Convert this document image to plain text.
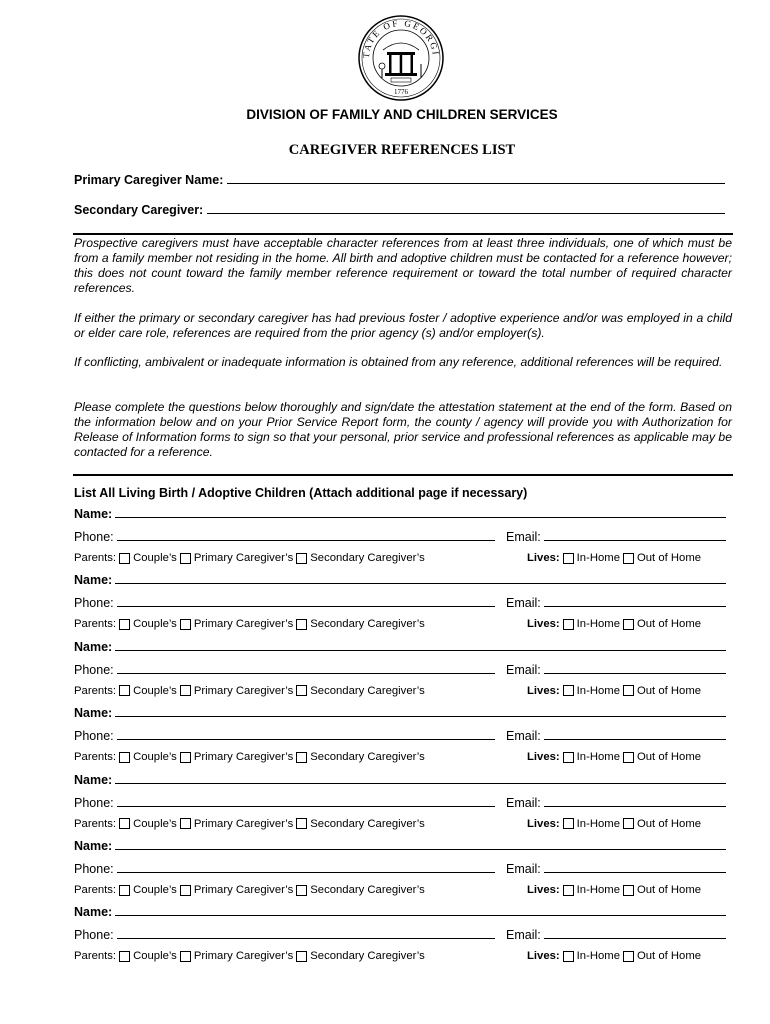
TATE OF GEORGI
1776
DIVISION OF FAMILY AND CHILDREN SERVICES
CAREGIVER REFERENCES LIST
Primary Caregiver Name:
Secondary Caregiver:
Prospective caregivers must have acceptable character references from at least three individuals, one of which must be from a family member not residing in the home. All birth and adoptive children must be contacted for a reference however; this does not count toward the family member reference requirement or toward the total number of required character references.
If either the primary or secondary caregiver has had previous foster / adoptive experience and/or was employed in a child or elder care role, references are required from the prior agency (s) and/or employer(s).
If conflicting, ambivalent or inadequate information is obtained from any reference, additional references will be required.
Please complete the questions below thoroughly and sign/date the attestation statement at the end of the form. Based on the information below and on your Prior Service Report form, the county / agency will provide you with Authorization for Release of Information forms to sign so that your personal, prior service and professional references as applicable may be contacted for a reference.
List All Living Birth / Adoptive Children (Attach additional page if necessary)
Name:
Phone:	Email:
Parents: Couple’s Primary Caregiver’s Secondary Caregiver’s	Lives: In-Home Out of Home
Name:
Phone:	Email:
Parents: Couple’s Primary Caregiver’s Secondary Caregiver’s	Lives: In-Home Out of Home
Name:
Phone:	Email:
Parents: Couple’s Primary Caregiver’s Secondary Caregiver’s	Lives: In-Home Out of Home
Name:
Phone:	Email:
Parents: Couple’s Primary Caregiver’s Secondary Caregiver’s	Lives: In-Home Out of Home
Name:
Phone:	Email:
Parents: Couple’s Primary Caregiver’s Secondary Caregiver’s	Lives: In-Home Out of Home
Name:
Phone:	Email:
Parents: Couple’s Primary Caregiver’s Secondary Caregiver’s	Lives: In-Home Out of Home
Name:
Phone:	Email:
Parents: Couple’s Primary Caregiver’s Secondary Caregiver’s	Lives: In-Home Out of Home
